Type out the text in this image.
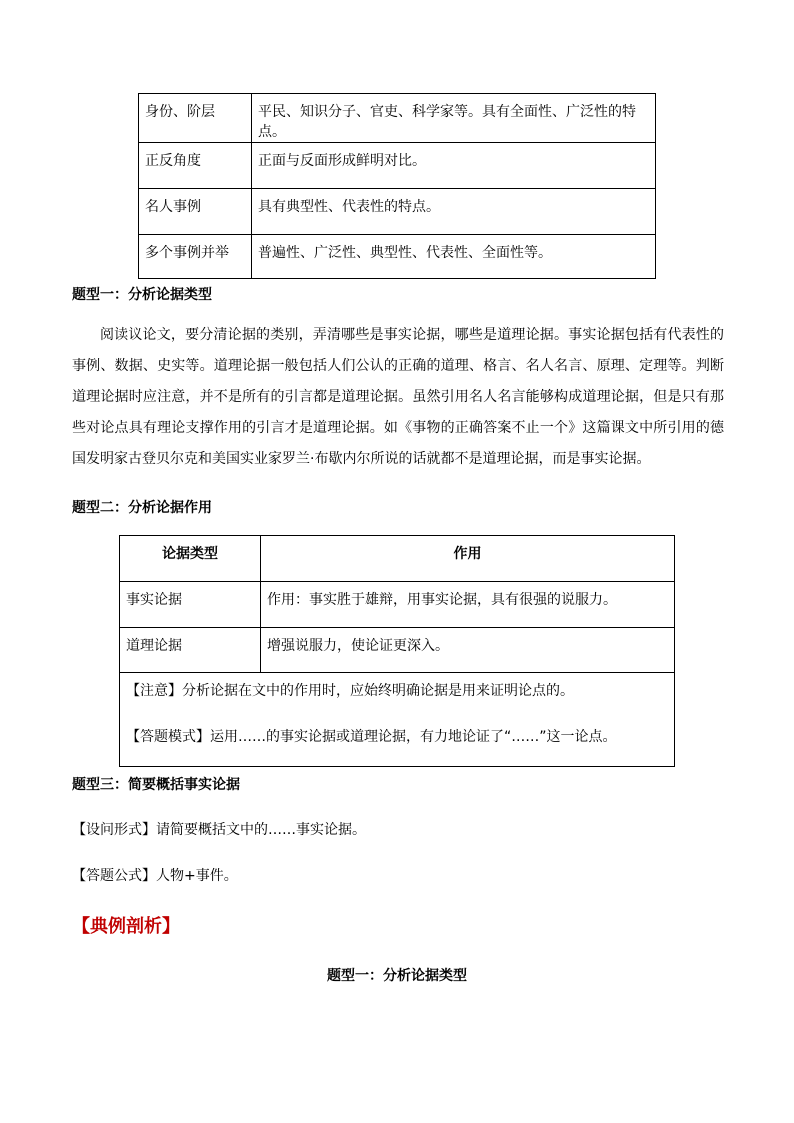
身份、阶层	平民、知识分子、官吏、科学家等。具有全面性、广泛性的特点。
正反角度	正面与反面形成鲜明对比。
名人事例	具有典型性、代表性的特点。
多个事例并举	普遍性、广泛性、典型性、代表性、全面性等。
题型一：分析论据类型
阅读议论文，要分清论据的类别，弄清哪些是事实论据，哪些是道理论据。事实论据包括有代表性的事例、数据、史实等。道理论据一般包括人们公认的正确的道理、格言、名人名言、原理、定理等。判断道理论据时应注意，并不是所有的引言都是道理论据。虽然引用名人名言能够构成道理论据，但是只有那些对论点具有理论支撑作用的引言才是道理论据。如《事物的正确答案不止一个》这篇课文中所引用的德国发明家古登贝尔克和美国实业家罗兰·布歇内尔所说的话就都不是道理论据，而是事实论据。
题型二：分析论据作用
论据类型	作用
事实论据	作用：事实胜于雄辩，用事实论据，具有很强的说服力。
道理论据	增强说服力，使论证更深入。

【注意】分析论据在文中的作用时，应始终明确论据是用来证明论点的。
【答题模式】运用……的事实论据或道理论据，有力地论证了“……”这一论点。	
题型三：简要概括事实论据
【设问形式】请简要概括文中的……事实论据。
【答题公式】人物+事件。
【典例剖析】
题型一：分析论据类型
